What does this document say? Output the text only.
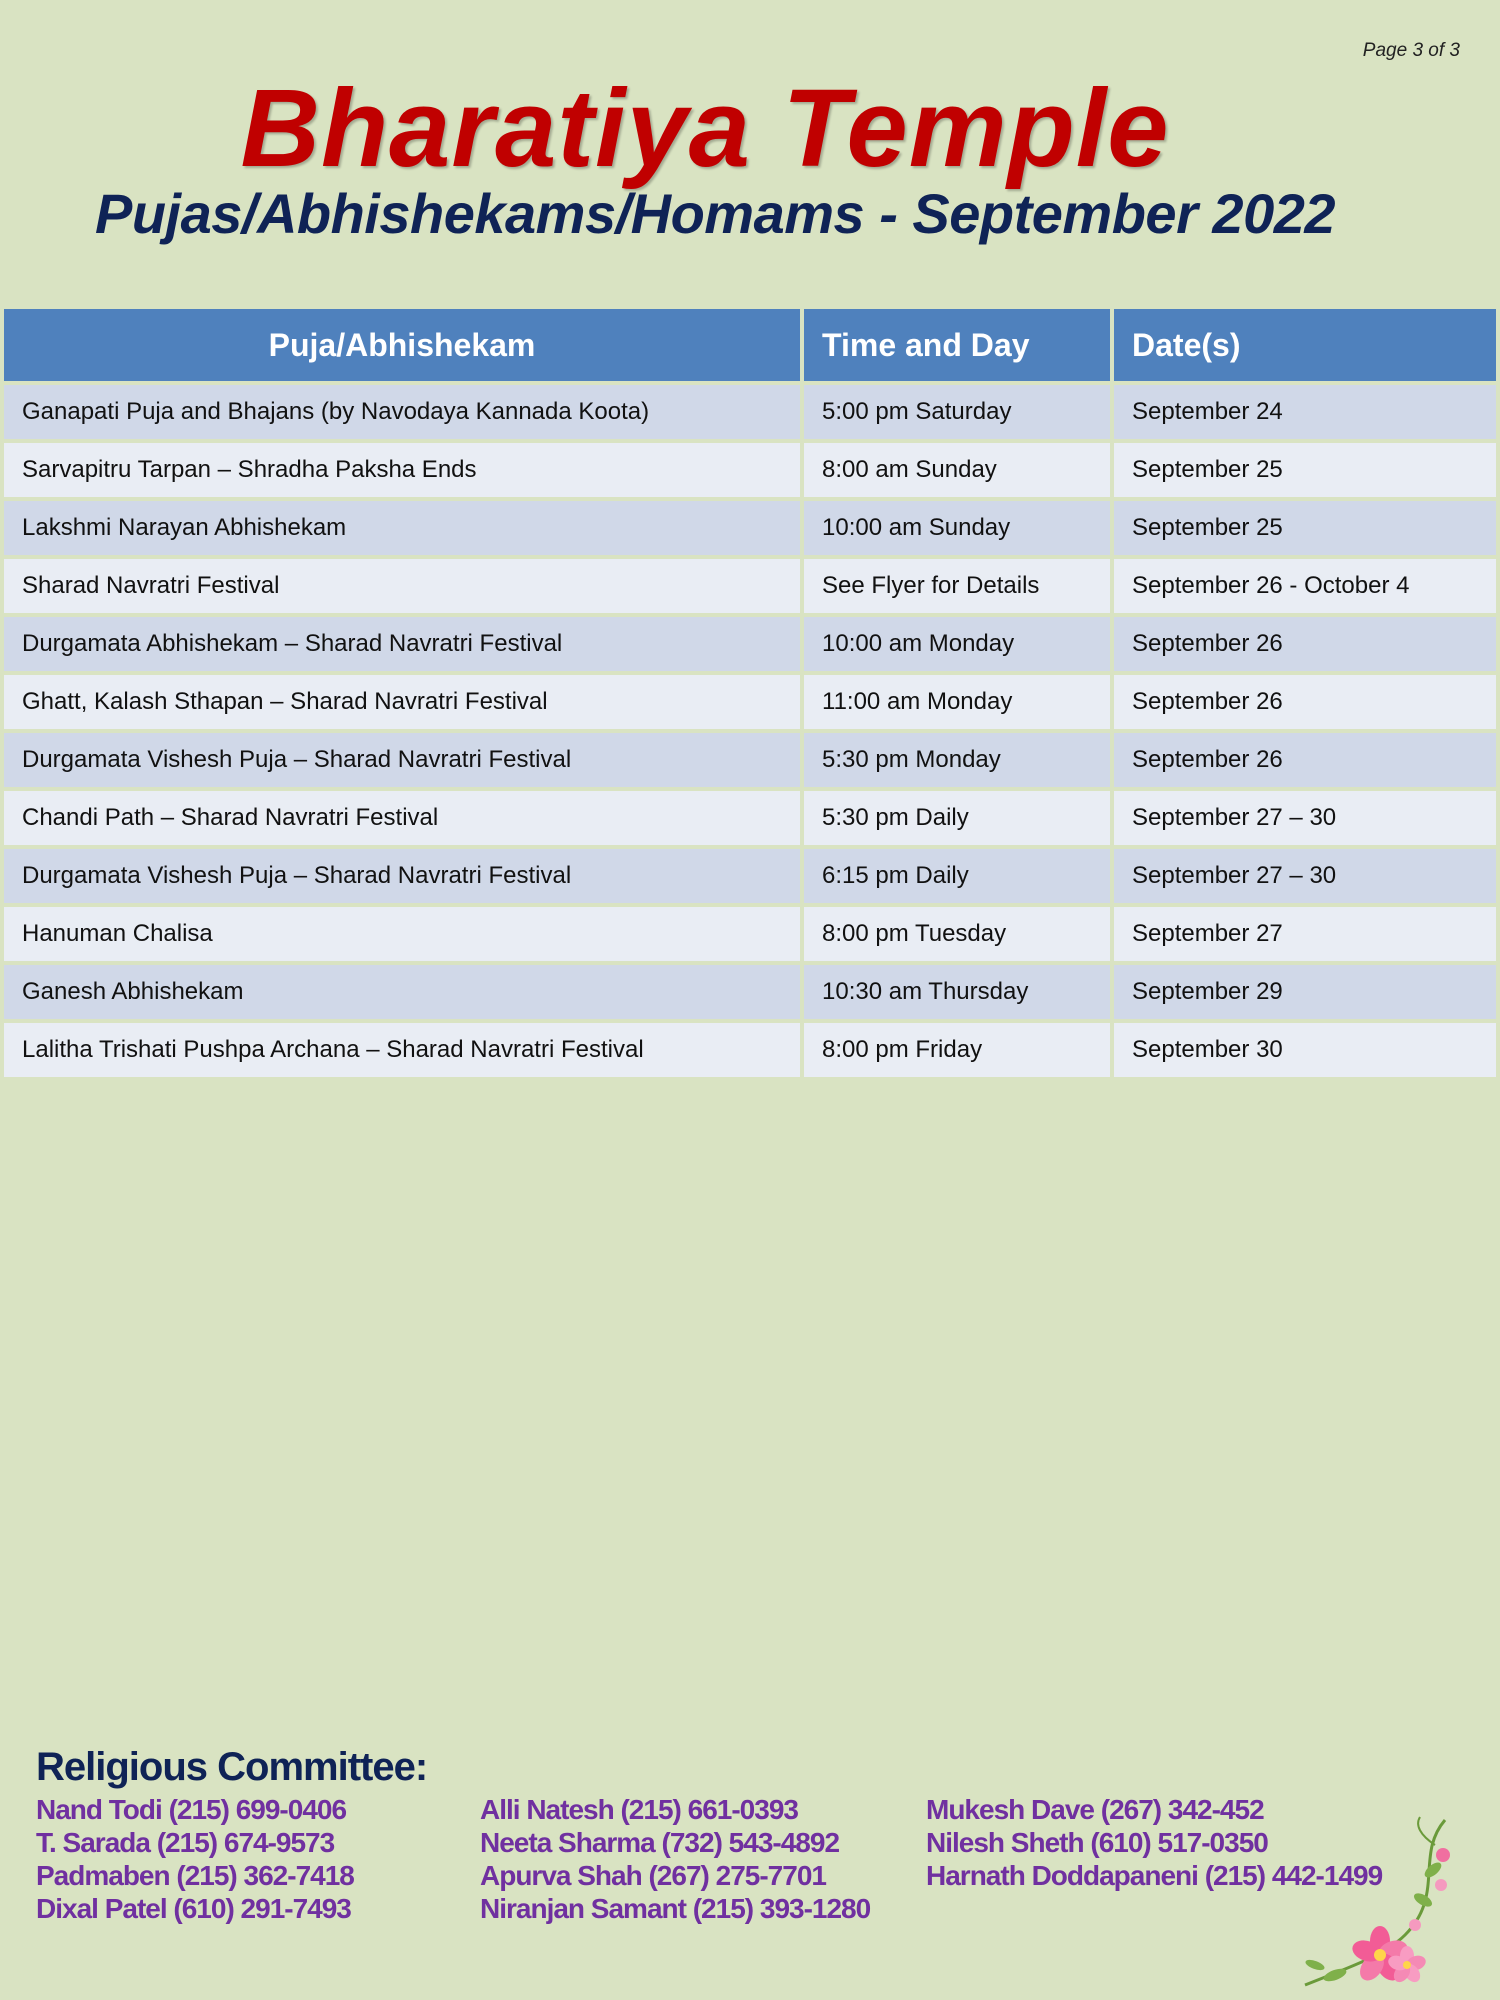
Page 3 of 3
Bharatiya Temple
Pujas/Abhishekams/Homams - September 2022
Puja/Abhishekam	Time and Day	Date(s)
Ganapati Puja and Bhajans (by Navodaya Kannada Koota)	5:00 pm Saturday	September 24
Sarvapitru Tarpan – Shradha Paksha Ends	8:00 am Sunday	September 25
Lakshmi Narayan Abhishekam	10:00 am Sunday	September 25
Sharad Navratri Festival	See Flyer for Details	September 26 - October 4
Durgamata Abhishekam – Sharad Navratri Festival	10:00 am Monday	September 26
Ghatt, Kalash Sthapan – Sharad Navratri Festival	11:00 am Monday	September 26
Durgamata Vishesh Puja – Sharad Navratri Festival	5:30 pm Monday	September 26
Chandi Path – Sharad Navratri Festival	5:30 pm Daily	September 27 – 30
Durgamata Vishesh Puja – Sharad Navratri Festival	6:15 pm Daily	September 27 – 30
Hanuman Chalisa	8:00 pm Tuesday	September 27
Ganesh Abhishekam	10:30 am Thursday	September 29
Lalitha Trishati Pushpa Archana – Sharad Navratri Festival	8:00 pm Friday	September 30
Religious Committee:
Nand Todi (215) 699-0406	Alli Natesh (215) 661-0393	Mukesh Dave (267) 342-452
T. Sarada (215) 674-9573	Neeta Sharma (732) 543-4892	Nilesh Sheth (610) 517-0350
Padmaben (215) 362-7418	Apurva Shah (267) 275-7701	Harnath Doddapaneni (215) 442-1499
Dixal Patel (610) 291-7493	Niranjan Samant (215) 393-1280
